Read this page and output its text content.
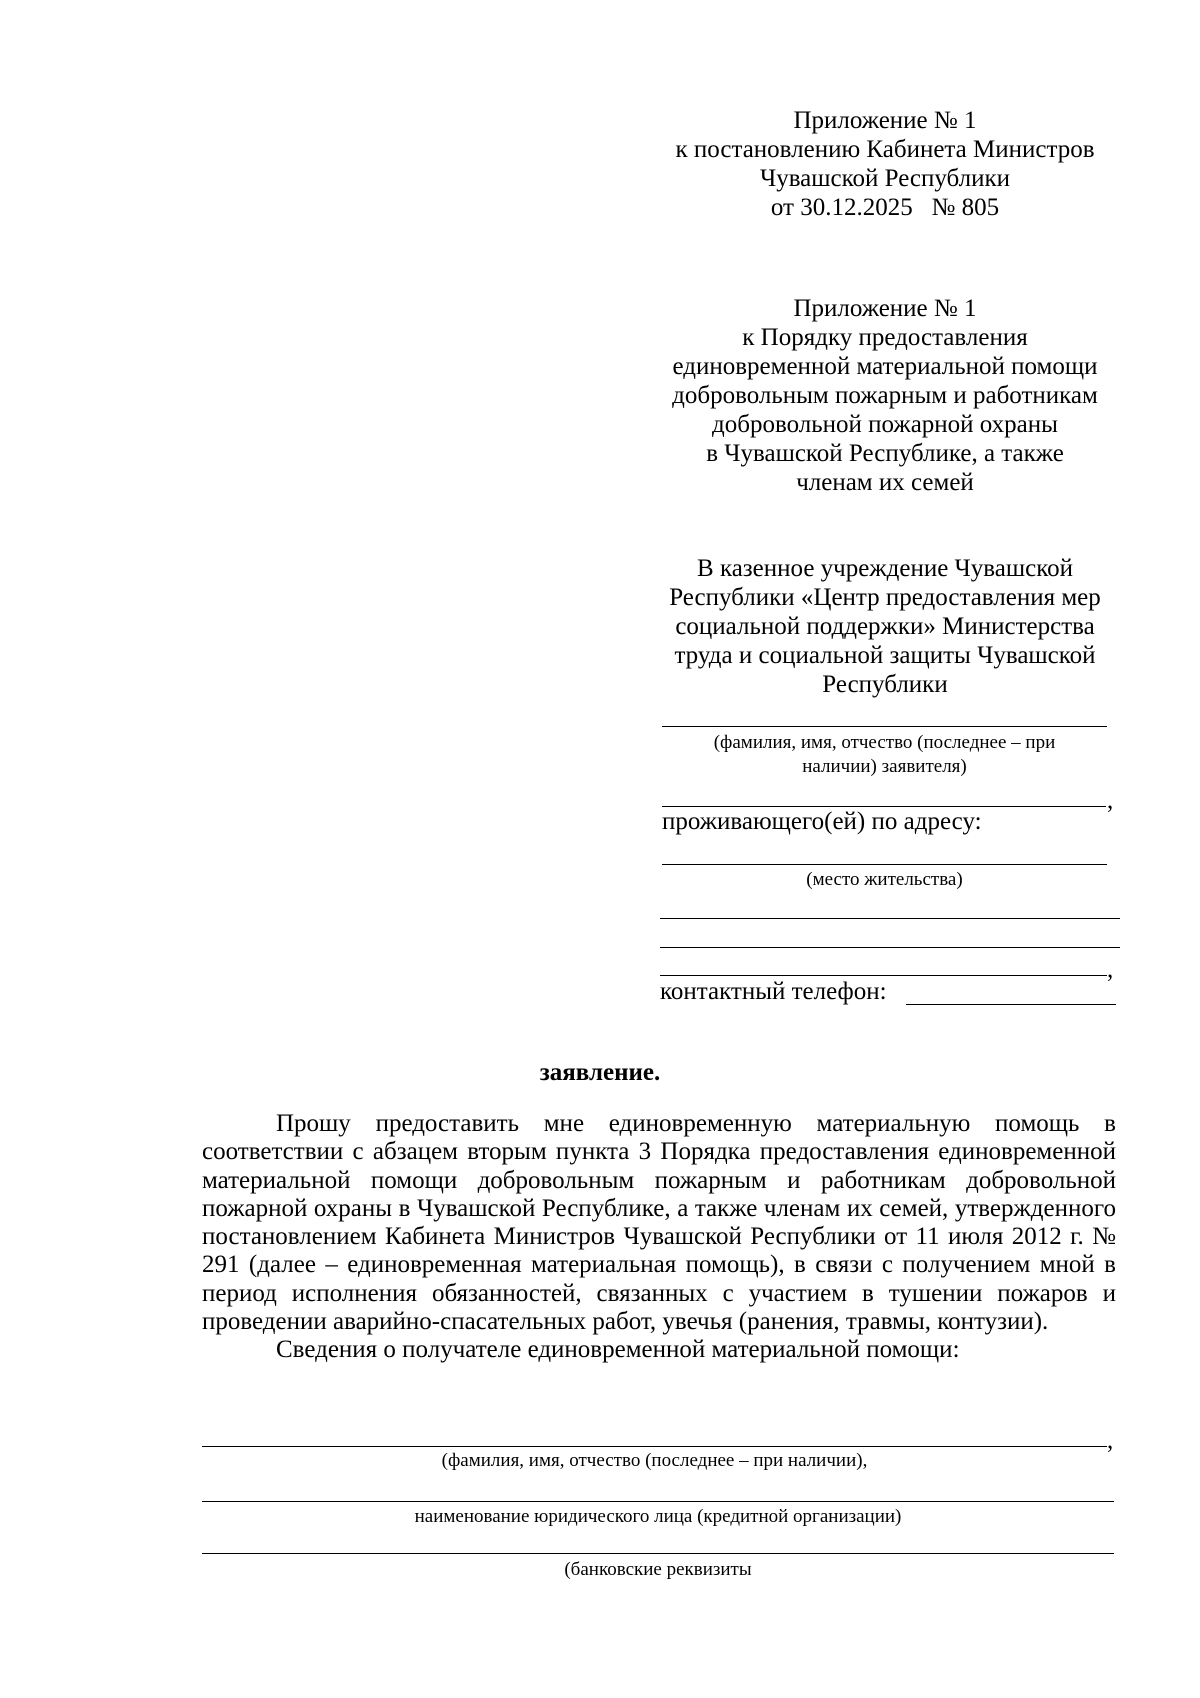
Приложение № 1
к постановлению Кабинета Министров
Чувашской Республики
от 30.12.2025   № 805
Приложение № 1
к Порядку предоставления
единовременной материальной помощи
добровольным пожарным и работникам
добровольной пожарной охраны
в Чувашской Республике, а также
членам их семей
В казенное учреждение Чувашской
Республики «Центр предоставления мер
социальной поддержки» Министерства
труда и социальной защиты Чувашской
Республики
(фамилия, имя, отчество (последнее – при
наличии) заявителя)
,
проживающего(ей) по адресу:
(место жительства)
,
контактный телефон:
заявление.

Прошу предоставить мне единовременную материальную помощь в соответствии с абзацем вторым пункта 3 Порядка предоставления единовременной материальной помощи добровольным пожарным и работникам добровольной пожарной охраны в Чувашской Республике, а также членам их семей, утвержденного постановлением Кабинета Министров Чувашской Республики от 11 июля 2012 г. № 291 (далее – единовременная материальная помощь), в связи с получением мной в период исполнения обязанностей, связанных с участием в тушении пожаров и проведении аварийно-спасательных работ, увечья (ранения, травмы, контузии).

Сведения о получателе единовременной материальной помощи:

,
(фамилия, имя, отчество (последнее – при наличии),
наименование юридического лица (кредитной организации)
(банковские реквизиты
